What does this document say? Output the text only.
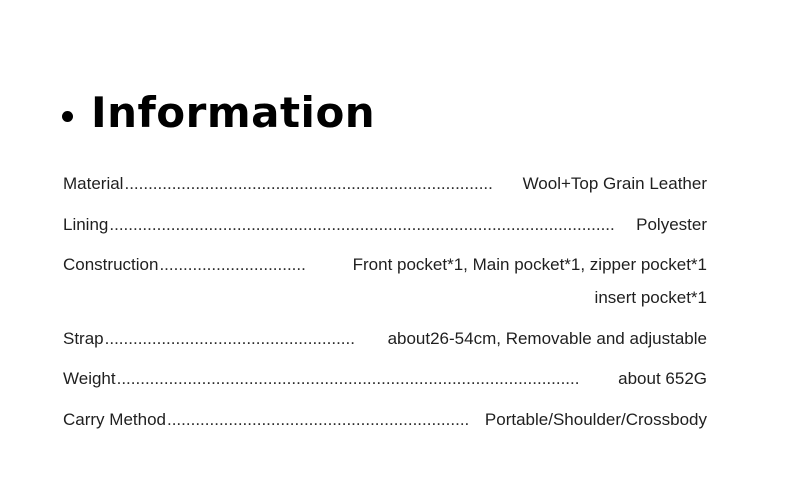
Information
Material ..............................................................................	Wool+Top Grain Leather
Lining ...........................................................................................................	Polyester
Construction ...............................	Front pocket*1, Main pocket*1, zipper pocket*1
insert pocket*1
Strap .....................................................	about26-54cm, Removable and adjustable
Weight ..................................................................................................	about 652G
Carry Method ................................................................ Portable/Shoulder/Crossbody
